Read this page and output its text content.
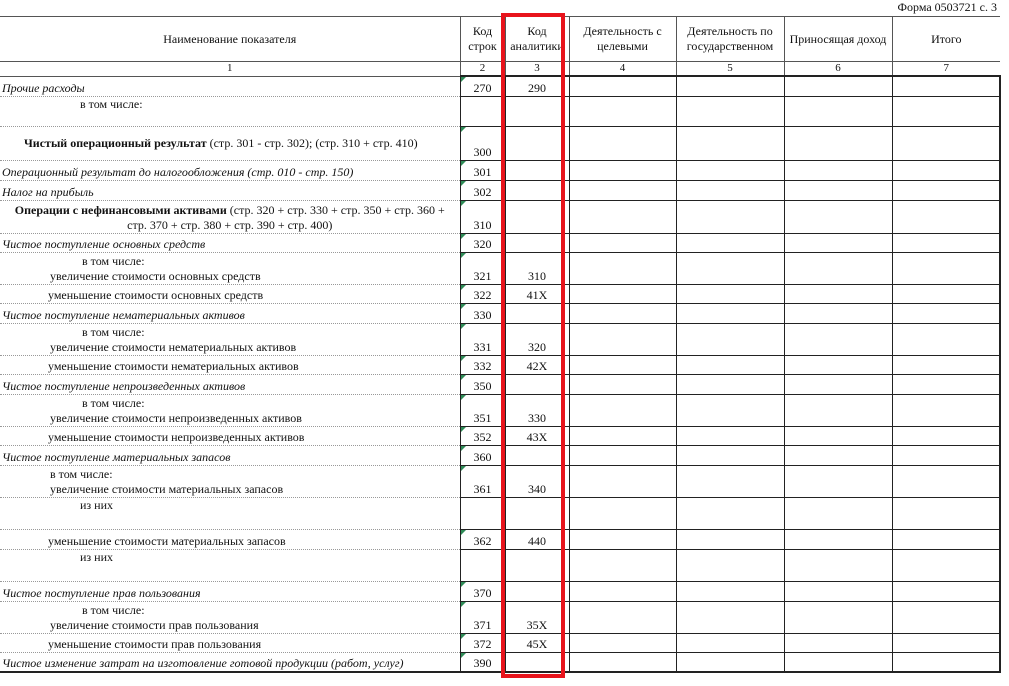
Форма 0503721 с. 3
Наименование показателя	Код строк	Код аналитики	Деятельность с целевыми	Деятельность по государственном	Приносящая доход	Итого
1	2	3	4	5	6	7
Прочие расходы	270	290				
в том числе:						
Чистый операционный результат (стр. 301 - стр. 302); (стр. 310 + стр. 410)	300					
Операционный результат до налогообложения (стр. 010 - стр. 150)	301					
Налог на прибыль	302					
Операции с нефинансовыми активами (стр. 320 + стр. 330 + стр. 350 + стр. 360 + стр. 370 + стр. 380 + стр. 390 + стр. 400)	310					
Чистое поступление основных средств	320					

в том числе:
увеличение стоимости основных средств	321	310				
уменьшение стоимости основных средств	322	41X				
Чистое поступление нематериальных активов	330					

в том числе:
увеличение стоимости нематериальных активов	331	320				
уменьшение стоимости нематериальных активов	332	42X				
Чистое поступление непроизведенных активов	350					

в том числе:
увеличение стоимости непроизведенных активов	351	330				
уменьшение стоимости непроизведенных активов	352	43X				
Чистое поступление материальных запасов	360					

в том числе:
увеличение стоимости материальных запасов	361	340				
из них						
уменьшение стоимости материальных запасов	362	440				
из них						
Чистое поступление прав пользования	370					

в том числе:
увеличение стоимости прав пользования	371	35X				
уменьшение стоимости прав пользования	372	45X				
Чистое изменение затрат на изготовление готовой продукции (работ, услуг)	390					
